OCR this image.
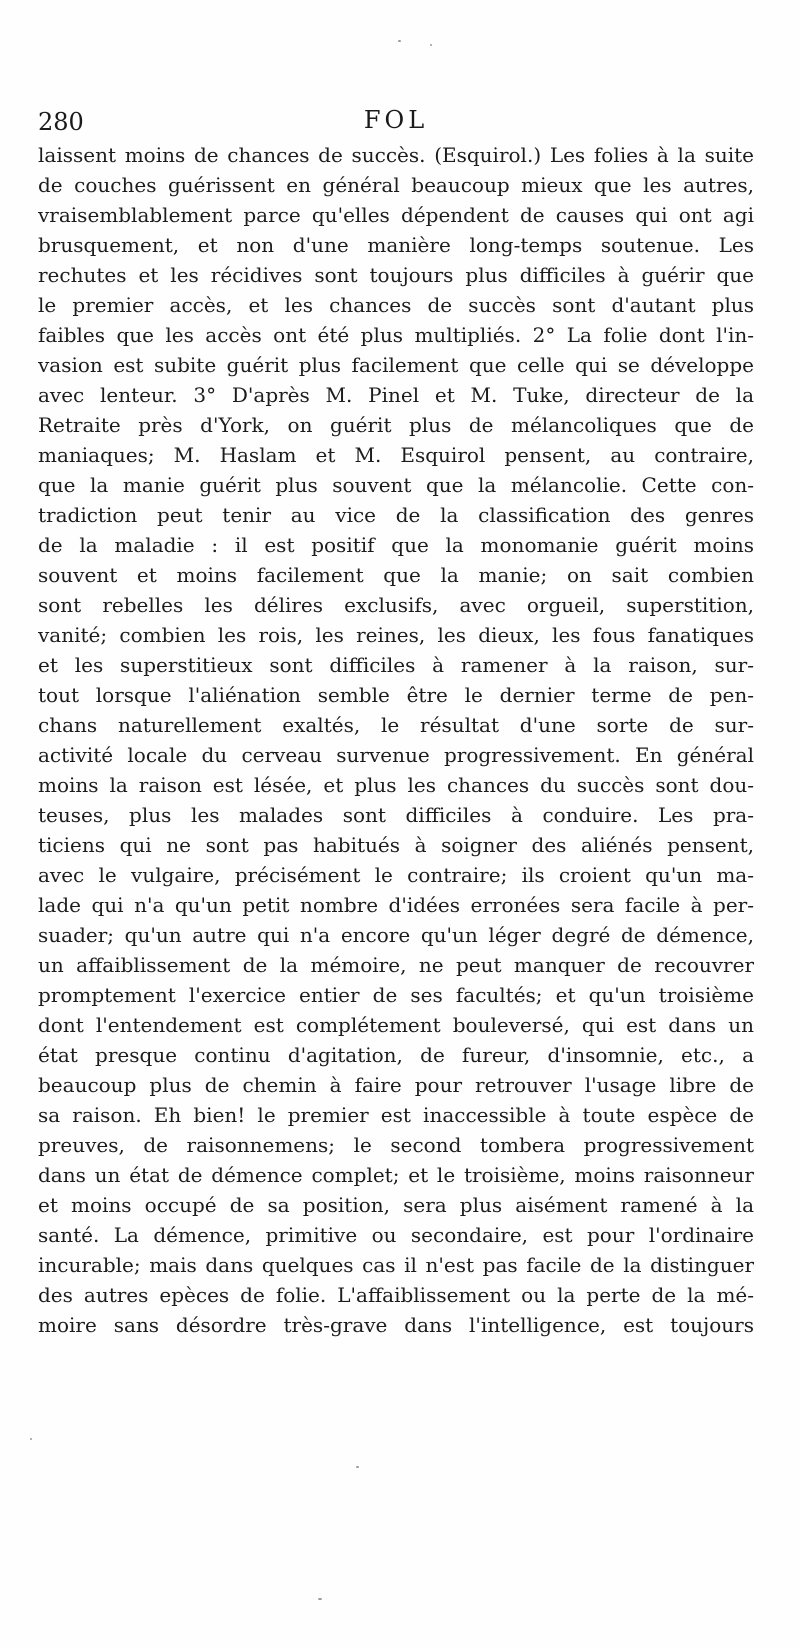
280	FOL
laissent moins de chances de succès. (Esquirol.) Les folies à la suite
de couches guérissent en général beaucoup mieux que les autres,
vraisemblablement parce qu'elles dépendent de causes qui ont agi
brusquement, et non d'une manière long-temps soutenue. Les
rechutes et les récidives sont toujours plus difficiles à guérir que
le premier accès, et les chances de succès sont d'autant plus
faibles que les accès ont été plus multipliés. 2° La folie dont l'in-
vasion est subite guérit plus facilement que celle qui se développe
avec lenteur. 3° D'après M. Pinel et M. Tuke, directeur de la
Retraite près d'York, on guérit plus de mélancoliques que de
maniaques; M. Haslam et M. Esquirol pensent, au contraire,
que la manie guérit plus souvent que la mélancolie. Cette con-
tradiction peut tenir au vice de la classification des genres
de la maladie : il est positif que la monomanie guérit moins
souvent et moins facilement que la manie; on sait combien
sont rebelles les délires exclusifs, avec orgueil, superstition,
vanité; combien les rois, les reines, les dieux, les fous fanatiques
et les superstitieux sont difficiles à ramener à la raison, sur-
tout lorsque l'aliénation semble être le dernier terme de pen-
chans naturellement exaltés, le résultat d'une sorte de sur-
activité locale du cerveau survenue progressivement. En général
moins la raison est lésée, et plus les chances du succès sont dou-
teuses, plus les malades sont difficiles à conduire. Les pra-
ticiens qui ne sont pas habitués à soigner des aliénés pensent,
avec le vulgaire, précisément le contraire; ils croient qu'un ma-
lade qui n'a qu'un petit nombre d'idées erronées sera facile à per-
suader; qu'un autre qui n'a encore qu'un léger degré de démence,
un affaiblissement de la mémoire, ne peut manquer de recouvrer
promptement l'exercice entier de ses facultés; et qu'un troisième
dont l'entendement est complétement bouleversé, qui est dans un
état presque continu d'agitation, de fureur, d'insomnie, etc., a
beaucoup plus de chemin à faire pour retrouver l'usage libre de
sa raison. Eh bien! le premier est inaccessible à toute espèce de
preuves, de raisonnemens; le second tombera progressivement
dans un état de démence complet; et le troisième, moins raisonneur
et moins occupé de sa position, sera plus aisément ramené à la
santé. La démence, primitive ou secondaire, est pour l'ordinaire
incurable; mais dans quelques cas il n'est pas facile de la distinguer
des autres epèces de folie. L'affaiblissement ou la perte de la mé-
moire sans désordre très-grave dans l'intelligence, est toujours
